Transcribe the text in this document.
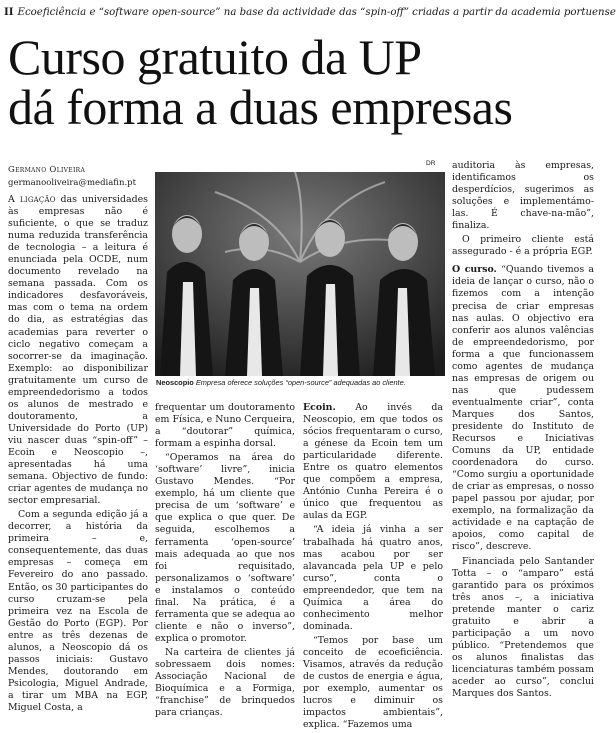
II Ecoeficiência e “software open-source” na base da actividade das “spin-off” criadas a partir da academia portuense
Curso gratuito da UP
dá forma a duas empresas
Germano Oliveira
germanooliveira@mediafin.pt

A ligação das universidades às empresas não é suficiente, o que se traduz numa reduzida transferência de tecnologia – a leitura é enunciada pela OCDE, num documento revelado na semana passada. Com os indicadores desfavoráveis, mas com o tema na ordem do dia, as estratégias das academias para reverter o ciclo negativo começam a socorrer-se da imaginação. Exemplo: ao disponibilizar gratuitamente um curso de empreendedorismo a todos os alunos de mestrado e doutoramento, a Universidade do Porto (UP) viu nascer duas “spin-off” – Ecoin e Neoscopio –, apresentadas há uma semana. Objectivo de fundo: criar agentes de mudança no sector empresarial.

Com a segunda edição já a decorrer, a história da primeira – e, consequentemente, das duas empresas – começa em Fevereiro do ano passado. Então, os 30 participantes do curso cruzam-se pela primeira vez na Escola de Gestão do Porto (EGP). Por entre as três dezenas de alunos, a Neoscopio dá os passos iniciais: Gustavo Mendes, doutorando em Psicologia, Miguel Andrade, a tirar um MBA na EGP, Miguel Costa, a

DR
Neoscopio Empresa oferece soluções “open-source” adequadas ao cliente.

frequentar um doutoramento em Física, e Nuno Cerqueira, a “doutorar” química, formam a espinha dorsal.

“Operamos na área do ‘software’ livre”, inicia Gustavo Mendes. “Por exemplo, há um cliente que precisa de um ‘software’ e que explica o que quer. De seguida, escolhemos a ferramenta ‘open-source’ mais adequada ao que nos foi requisitado, personalizamos o ‘software’ e instalamos o conteúdo final. Na prática, é a ferramenta que se adequa ao cliente e não o inverso”, explica o promotor.

Na carteira de clientes já sobressaem dois nomes: Associação Nacional de Bioquímica e a Formiga, “franchise” de brinquedos para crianças.

Ecoin. Ao invés da Neoscopio, em que todos os sócios frequentaram o curso, a génese da Ecoin tem um particularidade diferente. Entre os quatro elementos que compõem a empresa, António Cunha Pereira é o único que frequentou as aulas da EGP.

“A ideia já vinha a ser trabalhada há quatro anos, mas acabou por ser alavancada pela UP e pelo curso”, conta o empreendedor, que tem na Química a área do conhecimento melhor dominada.

“Temos por base um conceito de ecoeficiência. Visamos, através da redução de custos de energia e água, por exemplo, aumentar os lucros e diminuir os impactos ambientais”, explica. “Fazemos uma

auditoria às empresas, identificamos os desperdícios, sugerimos as soluções e implementámo-las. É chave-na-mão”, finaliza.

O primeiro cliente está assegurado - é a própria EGP.

O curso. “Quando tivemos a ideia de lançar o curso, não o fizemos com a intenção precisa de criar empresas nas aulas. O objectivo era conferir aos alunos valências de empreendedorismo, por forma a que funcionassem como agentes de mudança nas empresas de origem ou nas que pudessem eventualmente criar”, conta Marques dos Santos, presidente do Instituto de Recursos e Iniciativas Comuns da UP, entidade coordenadora do curso. “Como surgiu a oportunidade de criar as empresas, o nosso papel passou por ajudar, por exemplo, na formalização da actividade e na captação de apoios, como capital de risco”, descreve.

Financiada pelo Santander Totta – o “amparo” está garantido para os próximos três anos –, a iniciativa pretende manter o cariz gratuito e abrir a participação a um novo público. “Pretendemos que os alunos finalistas das licenciaturas também possam aceder ao curso”, conclui Marques dos Santos.
